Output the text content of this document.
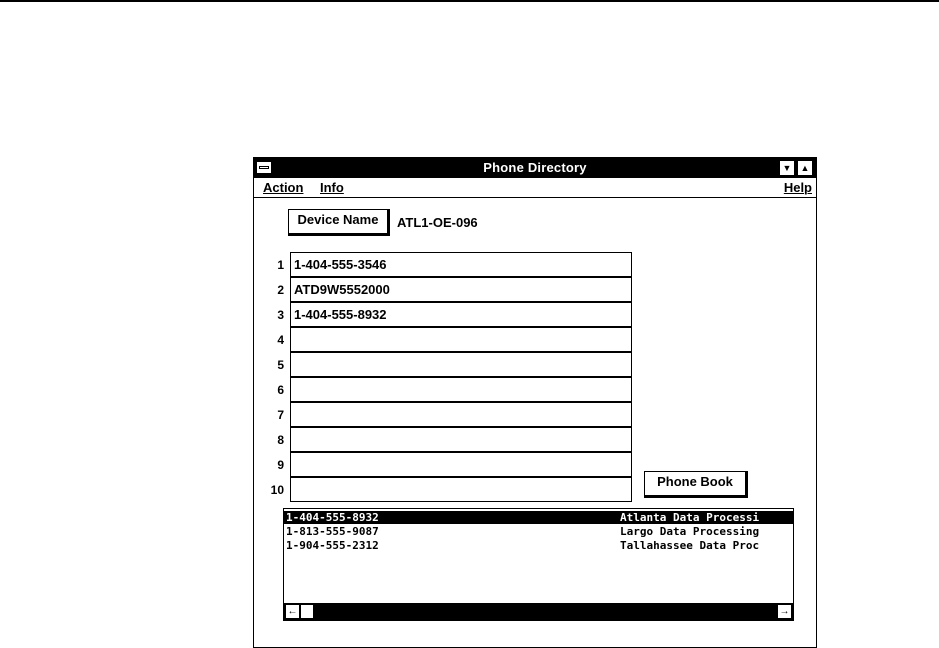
Phone Directory	▼	▲
Action Info	Help
Device Name	ATL1-OE-096
1 1-404-555-3546
2 ATD9W5552000
3 1-404-555-8932
4
5
6
7
8
9
10
Phone Book
1-404-555-8932	Atlanta Data Processi
1-813-555-9087	Largo Data Processing
1-904-555-2312	Tallahassee Data Proc
←	→
